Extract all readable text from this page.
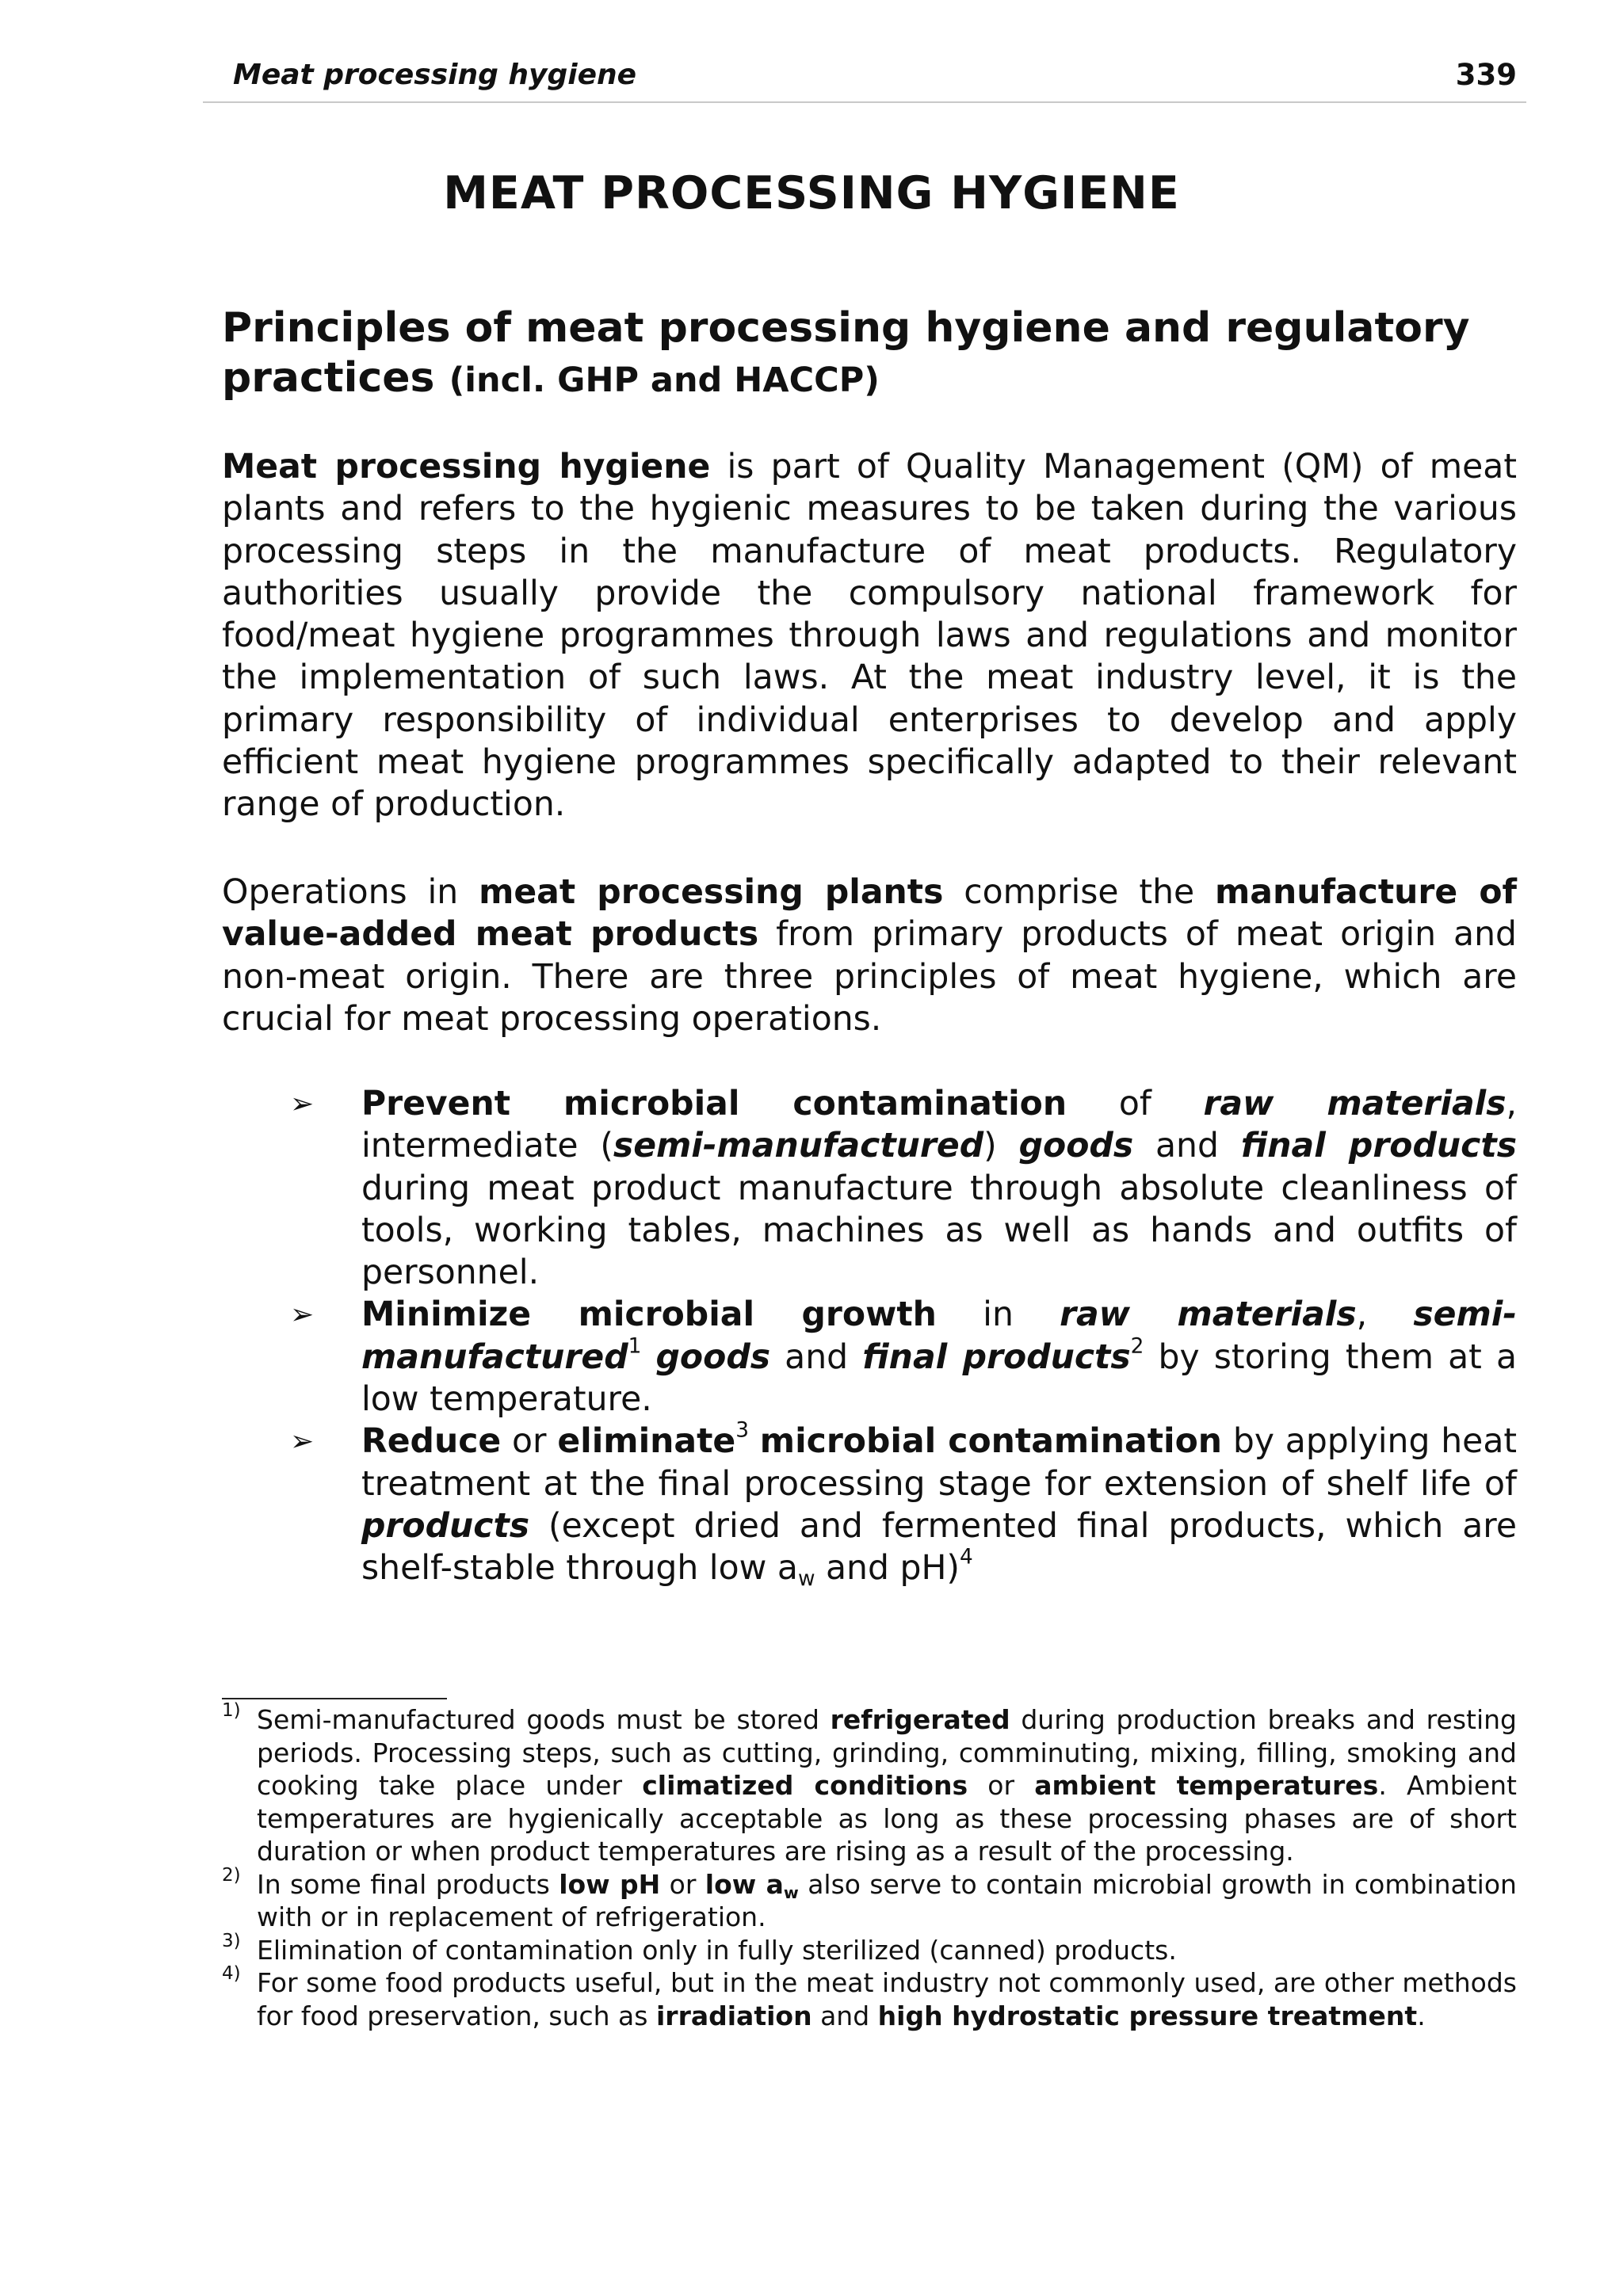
Meat processing hygiene	339
MEAT PROCESSING HYGIENE
Principles of meat processing hygiene and regulatory practices (incl. GHP and HACCP)
Meat processing hygiene is part of Quality Management (QM) of meat plants and refers to the hygienic measures to be taken during the various processing steps in the manufacture of meat products. Regulatory authorities usually provide the compulsory national framework for food/meat hygiene programmes through laws and regulations and monitor the implementation of such laws. At the meat industry level, it is the primary responsibility of individual enterprises to develop and apply efficient meat hygiene programmes specifically adapted to their relevant range of production.
Operations in meat processing plants comprise the manufacture of value-added meat products from primary products of meat origin and non-meat origin. There are three principles of meat hygiene, which are crucial for meat processing operations.
➢ Prevent microbial contamination of raw materials, intermediate (semi-manufactured) goods and final products during meat product manufacture through absolute cleanliness of tools, working tables, machines as well as hands and outfits of personnel.
➢ Minimize microbial growth in raw materials, semi-manufactured$^1$ goods and final products$^2$ by storing them at a low temperature.
➢ Reduce or eliminate$^3$ microbial contamination by applying heat treatment at the final processing stage for extension of shelf life of products (except dried and fermented final products, which are shelf-stable through low $a_w$ and pH)$^4$
1) Semi-manufactured goods must be stored refrigerated during production breaks and resting periods. Processing steps, such as cutting, grinding, comminuting, mixing, filling, smoking and cooking take place under climatized conditions or ambient temperatures. Ambient temperatures are hygienically acceptable as long as these processing phases are of short duration or when product temperatures are rising as a result of the processing.
2) In some final products low pH or low $a_w$ also serve to contain microbial growth in combination with or in replacement of refrigeration.
3) Elimination of contamination only in fully sterilized (canned) products.
4) For some food products useful, but in the meat industry not commonly used, are other methods for food preservation, such as irradiation and high hydrostatic pressure treatment.
